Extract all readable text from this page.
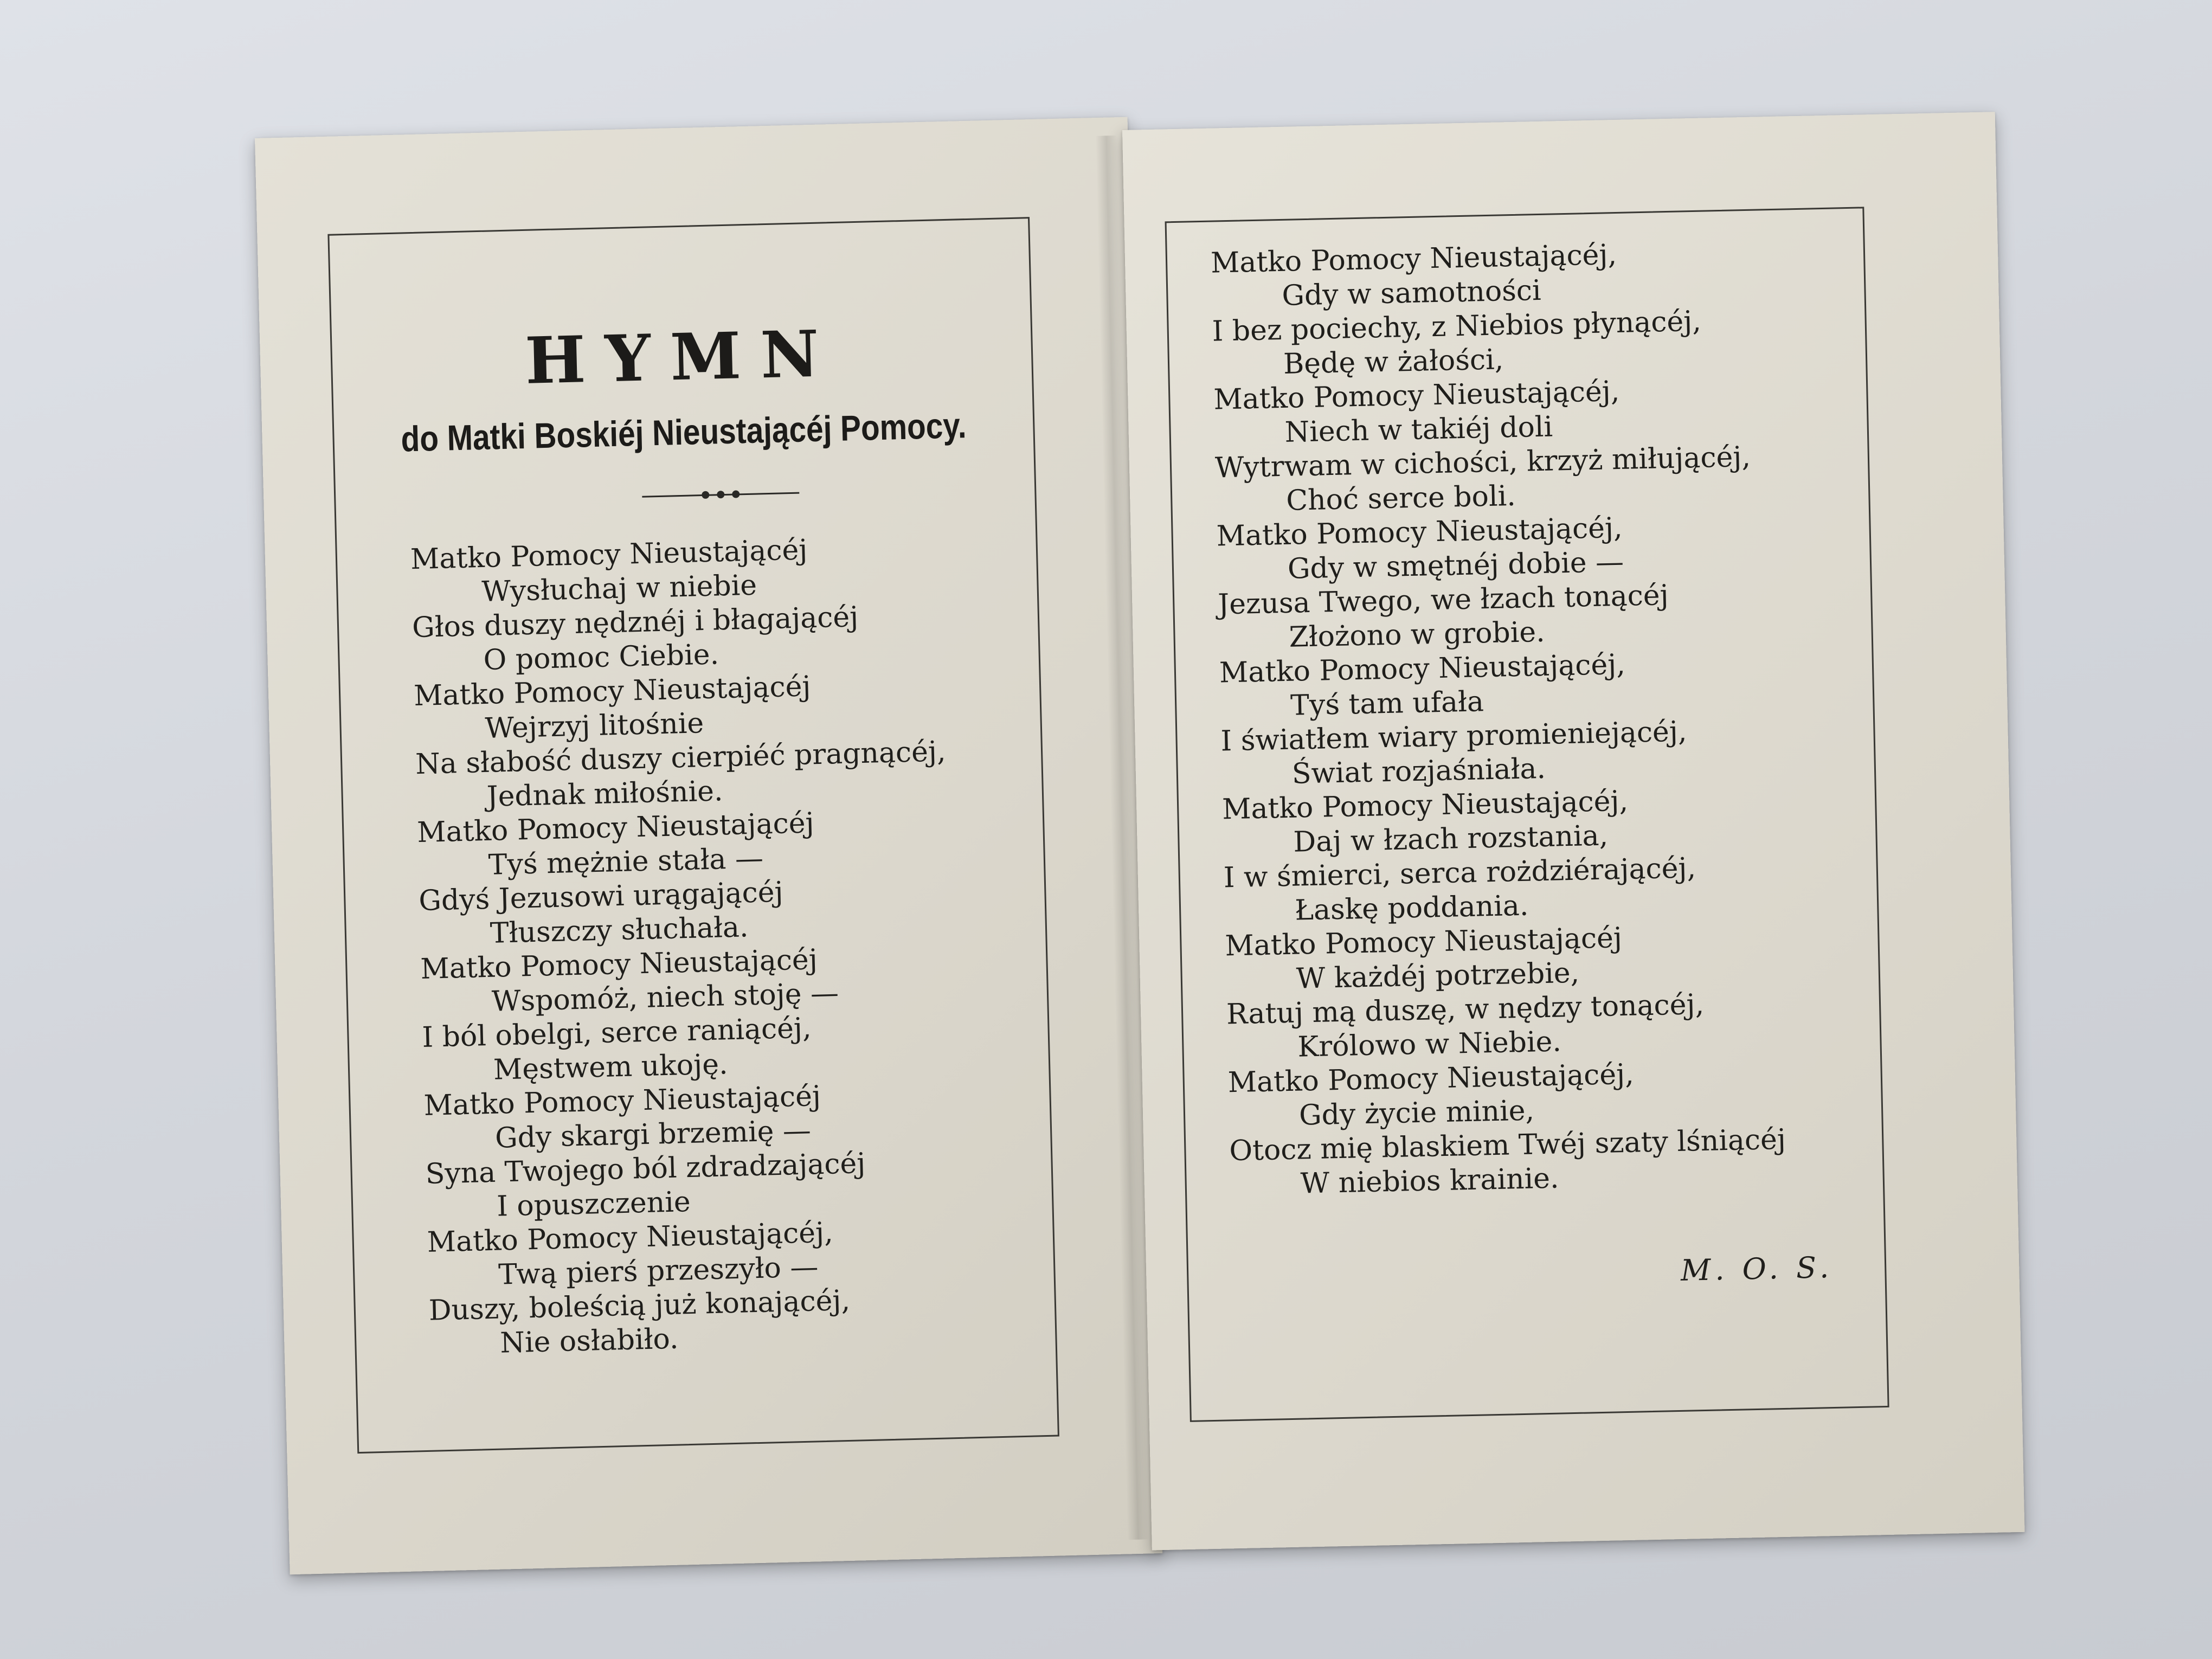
HYMN
do Matki Boskiéj Nieustającéj Pomocy.
Matko Pomocy Nieustającéj
Wysłuchaj w niebie
Głos duszy nędznéj i błagającéj
O pomoc Ciebie.
Matko Pomocy Nieustającéj
Wejrzyj litośnie
Na słabość duszy cierpiéć pragnącéj,
Jednak miłośnie.
Matko Pomocy Nieustającéj
Tyś mężnie stała —
Gdyś Jezusowi urągającéj
Tłuszczy słuchała.
Matko Pomocy Nieustającéj
Wspomóż, niech stoję —
I ból obelgi, serce raniącéj,
Męstwem ukoję.
Matko Pomocy Nieustającéj
Gdy skargi brzemię —
Syna Twojego ból zdradzającéj
I opuszczenie
Matko Pomocy Nieustającéj,
Twą pierś przeszyło —
Duszy, boleścią już konającéj,
Nie osłabiło.
Matko Pomocy Nieustającéj,
Gdy w samotności
I bez pociechy, z Niebios płynącéj,
Będę w żałości,
Matko Pomocy Nieustającéj,
Niech w takiéj doli
Wytrwam w cichości, krzyż miłującéj,
Choć serce boli.
Matko Pomocy Nieustającéj,
Gdy w smętnéj dobie —
Jezusa Twego, we łzach tonącéj
Złożono w grobie.
Matko Pomocy Nieustającéj,
Tyś tam ufała
I światłem wiary promieniejącéj,
Świat rozjaśniała.
Matko Pomocy Nieustającéj,
Daj w łzach rozstania,
I w śmierci, serca rożdziérającéj,
Łaskę poddania.
Matko Pomocy Nieustającéj
W każdéj potrzebie,
Ratuj mą duszę, w nędzy tonącéj,
Królowo w Niebie.
Matko Pomocy Nieustającéj,
Gdy życie minie,
Otocz mię blaskiem Twéj szaty lśniącéj
W niebios krainie.
M. O. S.
